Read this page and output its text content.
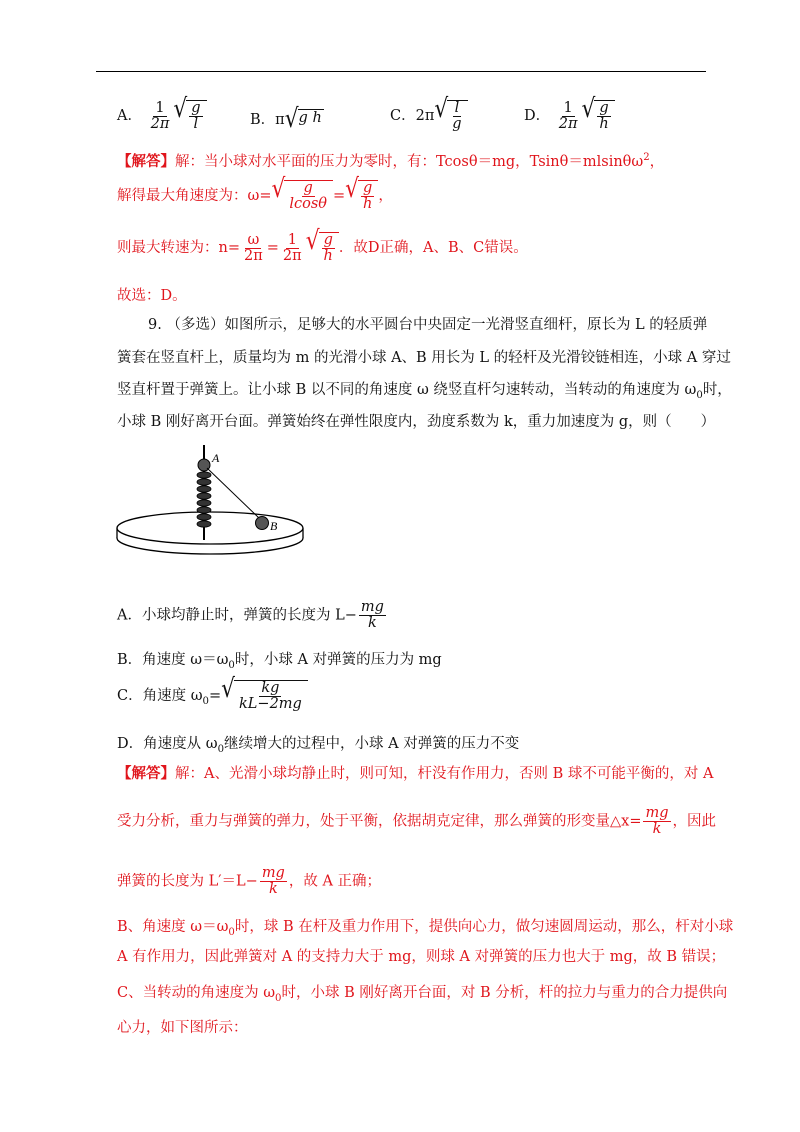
A． $\frac{1}{2\pi}$ √ $\frac{g}{l}$	B．π √ g h	C．2π √ $\frac{l}{g}$	D． $\frac{1}{2\pi}$ √ $\frac{g}{h}$
【解答】解：当小球对水平面的压力为零时，有：Tcosθ＝mg，Tsinθ＝mlsinθω$^2$，
解得最大角速度为：ω= √ $\frac{g}{lcos\theta}$ = √ $\frac{g}{h}$ ，
则最大转速为：$n= \frac{\omega}{2\pi} = \frac{1}{2\pi}$ √ $\frac{g}{h}$ ．故D正确，A、B、C错误。
故选：D。
9. （多选）如图所示，足够大的水平圆台中央固定一光滑竖直细杆，原长为 L 的轻质弹
簧套在竖直杆上，质量均为 m 的光滑小球 A、B 用长为 L 的轻杆及光滑铰链相连，小球 A 穿过
竖直杆置于弹簧上。让小球 B 以不同的角速度 ω 绕竖直杆匀速转动，当转动的角速度为 $\omega_0$时，
小球 B 刚好离开台面。弹簧始终在弹性限度内，劲度系数为 k，重力加速度为 g，则（　　）
A
B
A．小球均静止时，弹簧的长度为 $L- \frac{mg}{k}$
B．角速度 $\omega=\omega_0$时，小球 A 对弹簧的压力为 mg
C．角速度 $\omega_0=$ √ $\frac{kg}{kL-2mg}$
D．角速度从 $\omega_0$继续增大的过程中，小球 A 对弹簧的压力不变
【解答】解：A、光滑小球均静止时，则可知，杆没有作用力，否则 B 球不可能平衡的，对 A
受力分析，重力与弹簧的弹力，处于平衡，依据胡克定律，那么弹簧的形变量△x= $\frac{mg}{k}$ ，因此
弹簧的长度为 $L'=L- \frac{mg}{k}$ ，故 A 正确；
B、角速度 $\omega=\omega_0$时，球 B 在杆及重力作用下，提供向心力，做匀速圆周运动，那么，杆对小球
A 有作用力，因此弹簧对 A 的支持力大于 mg，则球 A 对弹簧的压力也大于 mg，故 B 错误；
C、当转动的角速度为 $\omega_0$时，小球 B 刚好离开台面，对 B 分析，杆的拉力与重力的合力提供向
心力，如下图所示：
